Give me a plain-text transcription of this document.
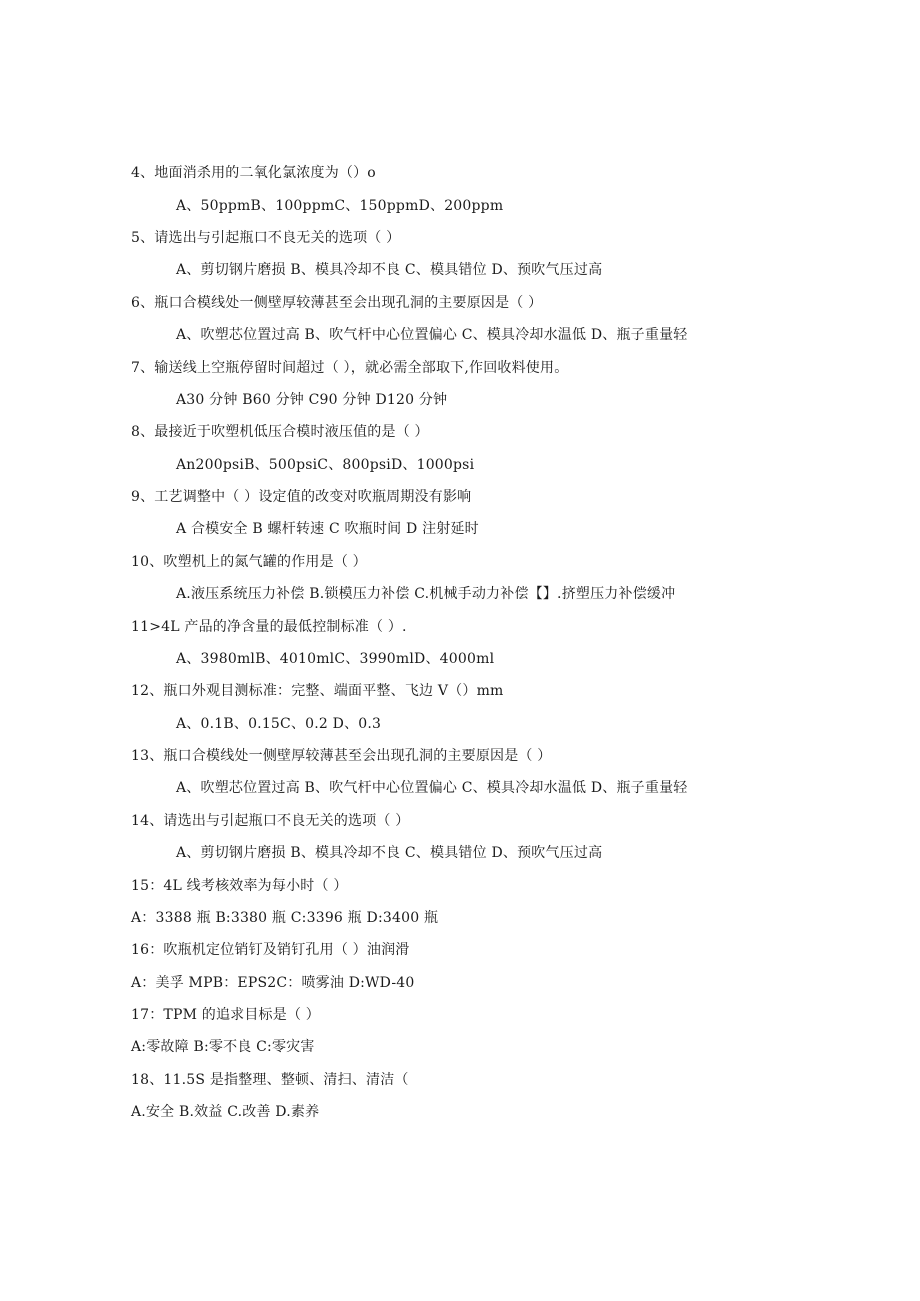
4、地面消杀用的二氧化氯浓度为（）o
A、50ppmB、100ppmC、150ppmD、200ppm
5、请选出与引起瓶口不良无关的选项（ ）
A、剪切钢片磨损 B、模具冷却不良 C、模具错位 D、预吹气压过高
6、瓶口合模线处一侧壁厚较薄甚至会出现孔洞的主要原因是（ ）
A、吹塑芯位置过高 B、吹气杆中心位置偏心 C、模具冷却水温低 D、瓶子重量轻
7、输送线上空瓶停留时间超过（ ），就必需全部取下,作回收料使用。
A30 分钟 B60 分钟 C90 分钟 D120 分钟
8、最接近于吹塑机低压合模时液压值的是（ ）
An200psiB、500psiC、800psiD、1000psi
9、工艺调整中（ ）设定值的改变对吹瓶周期没有影响
A 合模安全 B 螺杆转速 C 吹瓶时间 D 注射延时
10、吹塑机上的氮气罐的作用是（ ）
A.液压系统压力补偿 B.锁模压力补偿 C.机械手动力补偿【】.挤塑压力补偿缓冲
11>4L 产品的净含量的最低控制标准（ ）.
A、3980mlB、4010mlC、3990mlD、4000ml
12、瓶口外观目测标准：完整、端面平整、飞边 V（）mm
A、0.1B、0.15C、0.2 D、0.3
13、瓶口合模线处一侧壁厚较薄甚至会出现孔洞的主要原因是（ ）
A、吹塑芯位置过高 B、吹气杆中心位置偏心 C、模具冷却水温低 D、瓶子重量轻
14、请选出与引起瓶口不良无关的选项（ ）
A、剪切钢片磨损 B、模具冷却不良 C、模具错位 D、预吹气压过高
15：4L 线考核效率为每小时（ ）
A：3388 瓶 B:3380 瓶 C:3396 瓶 D:3400 瓶
16：吹瓶机定位销钉及销钉孔用（ ）油润滑
A：美孚 MPB：EPS2C：喷雾油 D:WD-40
17：TPM 的追求目标是（ ）
A:零故障 B:零不良 C:零灾害
18、11.5S 是指整理、整顿、清扫、清洁（
A.安全 B.效益 C.改善 D.素养
